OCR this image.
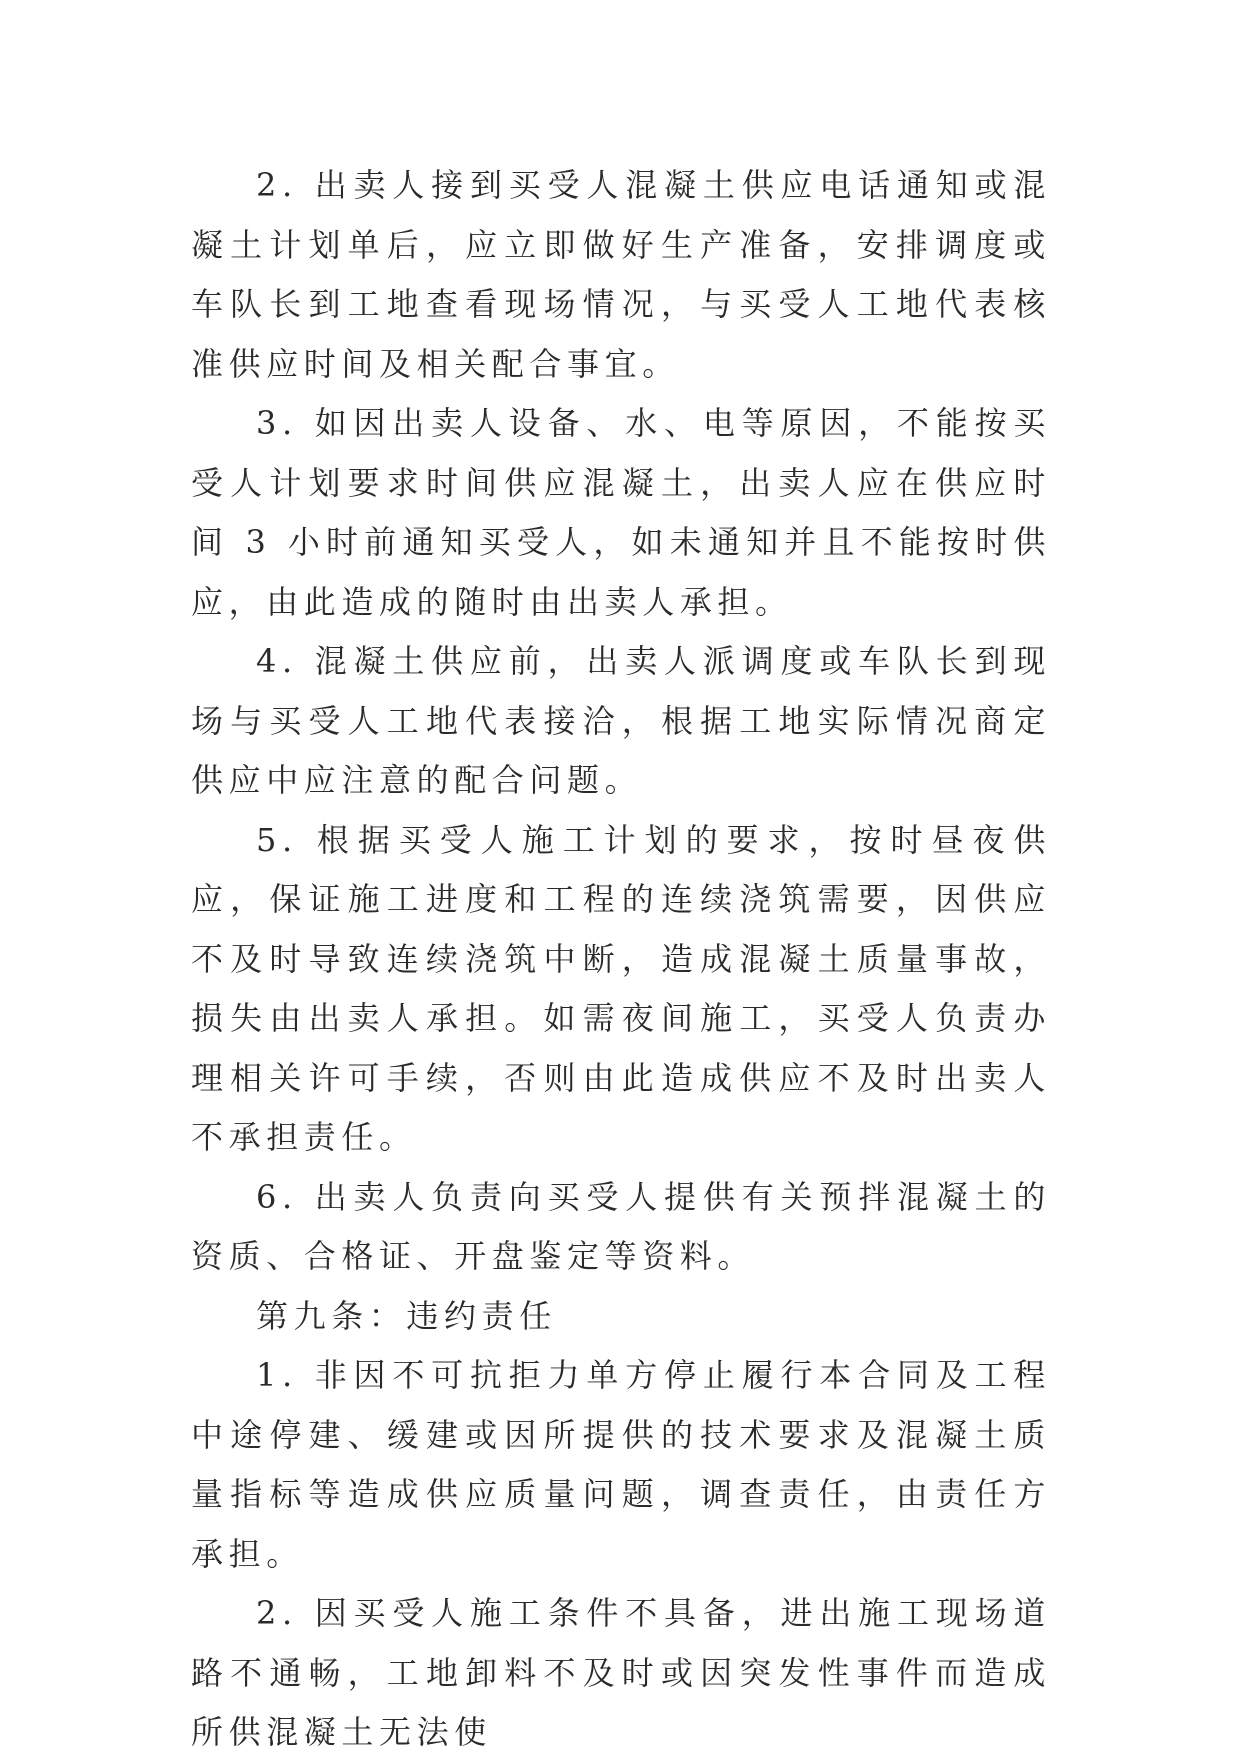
2. 出卖人接到买受人混凝土供应电话通知或混凝土计划单后，应立即做好生产准备，安排调度或车队长到工地查看现场情况，与买受人工地代表核准供应时间及相关配合事宜。

3. 如因出卖人设备、水、电等原因，不能按买受人计划要求时间供应混凝土，出卖人应在供应时间 3 小时前通知买受人，如未通知并且不能按时供应，由此造成的随时由出卖人承担。

4. 混凝土供应前，出卖人派调度或车队长到现场与买受人工地代表接洽，根据工地实际情况商定供应中应注意的配合问题。

5. 根据买受人施工计划的要求，按时昼夜供应，保证施工进度和工程的连续浇筑需要，因供应不及时导致连续浇筑中断，造成混凝土质量事故，损失由出卖人承担。如需夜间施工，买受人负责办理相关许可手续，否则由此造成供应不及时出卖人不承担责任。

6. 出卖人负责向买受人提供有关预拌混凝土的资质、合格证、开盘鉴定等资料。

第九条：违约责任

1. 非因不可抗拒力单方停止履行本合同及工程中途停建、缓建或因所提供的技术要求及混凝土质量指标等造成供应质量问题，调查责任，由责任方承担。

2. 因买受人施工条件不具备，进出施工现场道路不通畅，工地卸料不及时或因突发性事件而造成所供混凝土无法使
